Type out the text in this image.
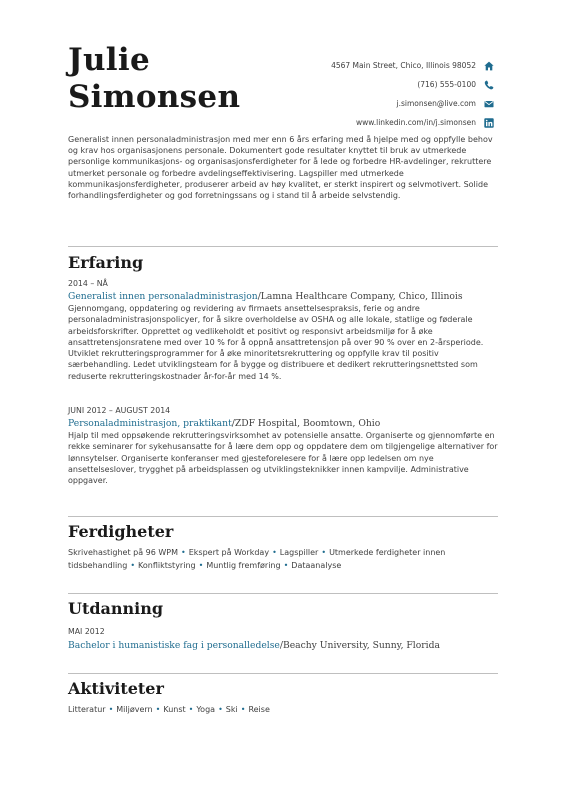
Julie
Simonsen
4567 Main Street, Chico, Illinois 98052
(716) 555-0100
j.simonsen@live.com
www.linkedin.com/in/j.simonsen
Generalist innen personaladministrasjon med mer enn 6 års erfaring med å hjelpe med og oppfylle behov og krav hos organisasjonens personale. Dokumentert gode resultater knyttet til bruk av utmerkede personlige kommunikasjons- og organisasjonsferdigheter for å lede og forbedre HR-avdelinger, rekruttere utmerket personale og forbedre avdelingseffektivisering. Lagspiller med utmerkede kommunikasjonsferdigheter, produserer arbeid av høy kvalitet, er sterkt inspirert og selvmotivert. Solide forhandlingsferdigheter og god forretningssans og i stand til å arbeide selvstendig.
Erfaring
2014 – NÅ
Generalist innen personaladministrasjon/Lamna Healthcare Company, Chico, Illinois
Gjennomgang, oppdatering og revidering av firmaets ansettelsespraksis, ferie og andre personaladministrasjonspolicyer, for å sikre overholdelse av OSHA og alle lokale, statlige og føderale arbeidsforskrifter. Opprettet og vedlikeholdt et positivt og responsivt arbeidsmiljø for å øke ansattretensjonsratene med over 10 % for å oppnå ansattretensjon på over 90 % over en 2-årsperiode. Utviklet rekrutteringsprogrammer for å øke minoritetsrekruttering og oppfylle krav til positiv særbehandling. Ledet utviklingsteam for å bygge og distribuere et dedikert rekrutteringsnettsted som reduserte rekrutteringskostnader år-for-år med 14 %.
JUNI 2012 – AUGUST 2014
Personaladministrasjon, praktikant/ZDF Hospital, Boomtown, Ohio
Hjalp til med oppsøkende rekrutteringsvirksomhet av potensielle ansatte. Organiserte og gjennomførte en rekke seminarer for sykehusansatte for å lære dem opp og oppdatere dem om tilgjengelige alternativer for lønnsytelser. Organiserte konferanser med gjesteforelesere for å lære opp ledelsen om nye ansettelseslover, trygghet på arbeidsplassen og utviklingsteknikker innen kampvilje. Administrative oppgaver.
Ferdigheter
Skrivehastighet på 96 WPM • Ekspert på Workday • Lagspiller • Utmerkede ferdigheter innen
tidsbehandling • Konfliktstyring • Muntlig fremføring • Dataanalyse
Utdanning
MAI 2012
Bachelor i humanistiske fag i personalledelse/Beachy University, Sunny, Florida
Aktiviteter
Litteratur • Miljøvern • Kunst • Yoga • Ski • Reise
